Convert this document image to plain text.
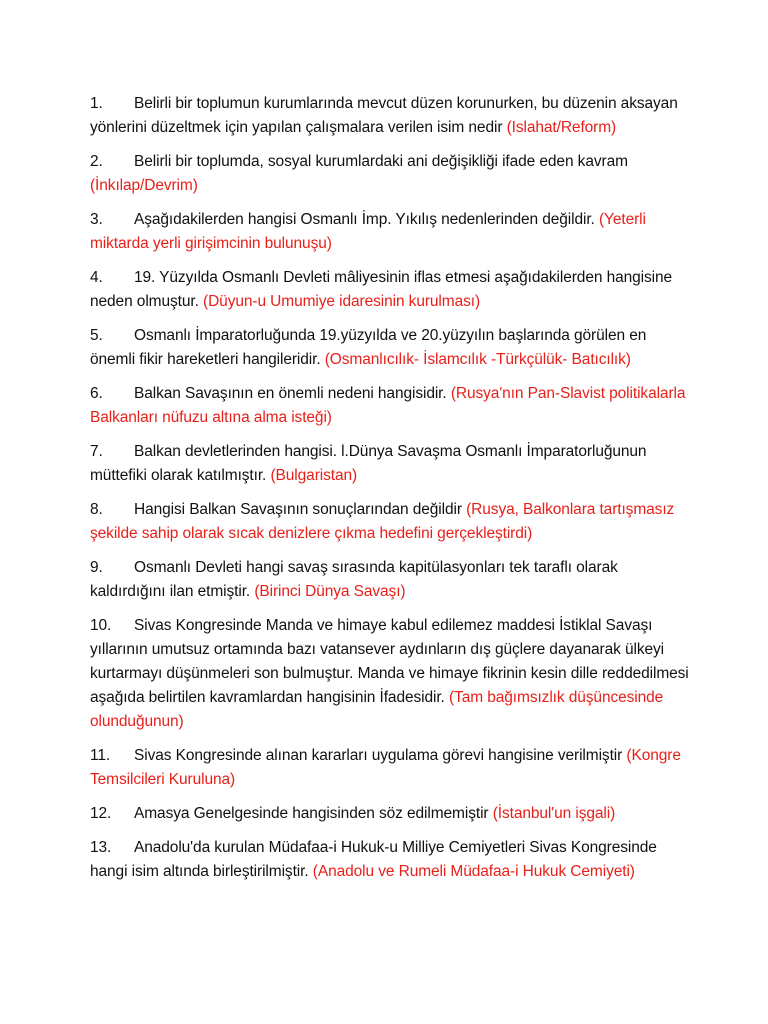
1. Belirli bir toplumun kurumlarında mevcut düzen korunurken, bu düzenin aksayan yönlerini düzeltmek için yapılan çalışmalara verilen isim nedir (Islahat/Reform)

2. Belirli bir toplumda, sosyal kurumlardaki ani değişikliği ifade eden kavram (İnkılap/Devrim)

3. Aşağıdakilerden hangisi Osmanlı İmp. Yıkılış nedenlerinden değildir. (Yeterli miktarda yerli girişimcinin bulunuşu)

4. 19. Yüzyılda Osmanlı Devleti mâliyesinin iflas etmesi aşağıdakilerden hangisine neden olmuştur. (Düyun-u Umumiye idaresinin kurulması)

5. Osmanlı İmparatorluğunda 19.yüzyılda ve 20.yüzyılın başlarında görülen en önemli fikir hareketleri hangileridir. (Osmanlıcılık- İslamcılık -Türkçülük- Batıcılık)

6. Balkan Savaşının en önemli nedeni hangisidir. (Rusya'nın Pan-Slavist politikalarla Balkanları nüfuzu altına alma isteği)

7. Balkan devletlerinden hangisi. l.Dünya Savaşma Osmanlı İmparatorluğunun müttefiki olarak katılmıştır. (Bulgaristan)

8. Hangisi Balkan Savaşının sonuçlarından değildir (Rusya, Balkonlara tartışmasız şekilde sahip olarak sıcak denizlere çıkma hedefini gerçekleştirdi)

9. Osmanlı Devleti hangi savaş sırasında kapitülasyonları tek taraflı olarak kaldırdığını ilan etmiştir. (Birinci Dünya Savaşı)

10. Sivas Kongresinde Manda ve himaye kabul edilemez maddesi İstiklal Savaşı yıllarının umutsuz ortamında bazı vatansever aydınların dış güçlere dayanarak ülkeyi kurtarmayı düşünmeleri son bulmuştur. Manda ve himaye fikrinin kesin dille reddedilmesi aşağıda belirtilen kavramlardan hangisinin İfadesidir. (Tam bağımsızlık düşüncesinde olunduğunun)

11. Sivas Kongresinde alınan kararları uygulama görevi hangisine verilmiştir (Kongre Temsilcileri Kuruluna)

12. Amasya Genelgesinde hangisinden söz edilmemiştir (İstanbul'un işgali)

13. Anadolu'da kurulan Müdafaa-i Hukuk-u Milliye Cemiyetleri Sivas Kongresinde hangi isim altında birleştirilmiştir. (Anadolu ve Rumeli Müdafaa-i Hukuk Cemiyeti)
